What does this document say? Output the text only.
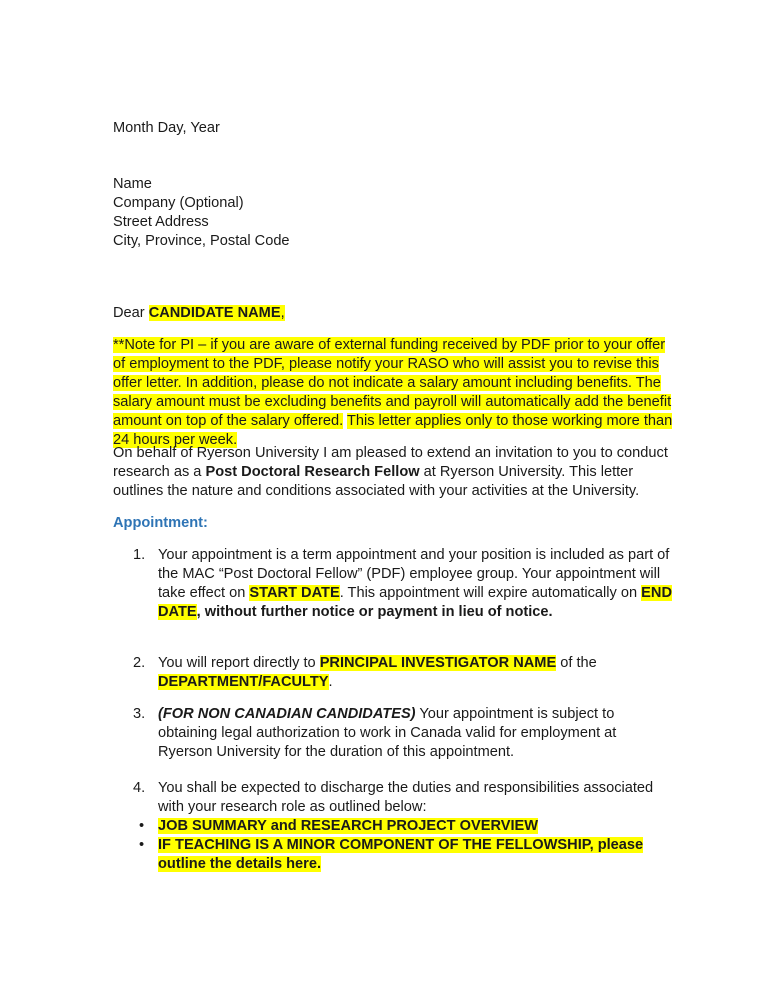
Month Day, Year
Name
Company (Optional)
Street Address
City, Province, Postal Code
Dear CANDIDATE NAME,
**Note for PI – if you are aware of external funding received by PDF prior to your offer of employment to the PDF, please notify your RASO who will assist you to revise this offer letter. In addition, please do not indicate a salary amount including benefits. The salary amount must be excluding benefits and payroll will automatically add the benefit amount on top of the salary offered. This letter applies only to those working more than 24 hours per week.
On behalf of Ryerson University I am pleased to extend an invitation to you to conduct research as a Post Doctoral Research Fellow at Ryerson University. This letter outlines the nature and conditions associated with your activities at the University.
Appointment:
1. Your appointment is a term appointment and your position is included as part of the MAC “Post Doctoral Fellow” (PDF) employee group. Your appointment will take effect on START DATE. This appointment will expire automatically on END DATE, without further notice or payment in lieu of notice.
2. You will report directly to PRINCIPAL INVESTIGATOR NAME of the
DEPARTMENT/FACULTY.
3. (FOR NON CANADIAN CANDIDATES) Your appointment is subject to obtaining legal authorization to work in Canada valid for employment at Ryerson University for the duration of this appointment.
4. You shall be expected to discharge the duties and responsibilities associated with your research role as outlined below:
• JOB SUMMARY and RESEARCH PROJECT OVERVIEW
• IF TEACHING IS A MINOR COMPONENT OF THE FELLOWSHIP, please outline the details here.
